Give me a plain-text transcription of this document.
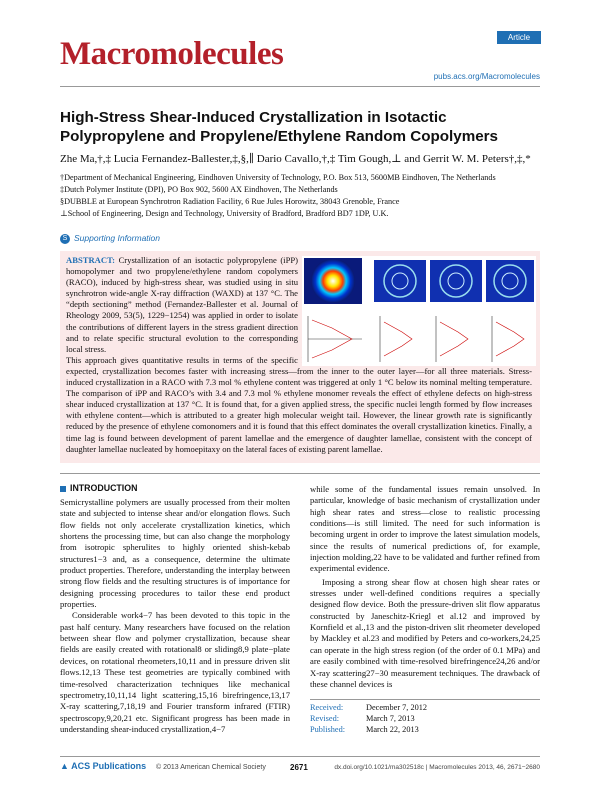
Macromolecules	Article
pubs.acs.org/Macromolecules
High-Stress Shear-Induced Crystallization in Isotactic Polypropylene and Propylene/Ethylene Random Copolymers
Zhe Ma,†,‡ Lucia Fernandez-Ballester,‡,§,∥ Dario Cavallo,†,‡ Tim Gough,⊥ and Gerrit W. M. Peters†,‡,*
†Department of Mechanical Engineering, Eindhoven University of Technology, P.O. Box 513, 5600MB Eindhoven, The Netherlands
‡Dutch Polymer Institute (DPI), PO Box 902, 5600 AX Eindhoven, The Netherlands
§DUBBLE at European Synchrotron Radiation Facility, 6 Rue Jules Horowitz, 38043 Grenoble, France
⊥School of Engineering, Design and Technology, University of Bradford, Bradford BD7 1DP, U.K.
S Supporting Information
ABSTRACT: Crystallization of an isotactic polypropylene (iPP) homopolymer and two propylene/ethylene random copolymers (RACO), induced by high-stress shear, was studied using in situ synchrotron wide-angle X-ray diffraction (WAXD) at 137 °C. The “depth sectioning” method (Fernandez-Ballester et al. Journal of Rheology 2009, 53(5), 1229−1254) was applied in order to isolate the contributions of different layers in the stress gradient direction and to relate specific structural evolution to the corresponding local stress.
This approach gives quantitative results in terms of the specific length of fibrillar nuclei as a function of the applied stress. As expected, crystallization becomes faster with increasing stress—from the inner to the outer layer—for all three materials. Stress-induced crystallization in a RACO with 7.3 mol % ethylene content was triggered at only 1 °C below its nominal melting temperature. The comparison of iPP and RACO’s with 3.4 and 7.3 mol % ethylene monomer reveals the effect of ethylene defects on high-stress shear induced crystallization at 137 °C. It is found that, for a given applied stress, the specific nuclei length formed by flow increases with ethylene content—which is attributed to a greater high molecular weight tail. However, the linear growth rate is significantly reduced by the presence of ethylene comonomers and it is found that this effect dominates the overall crystallization kinetics. Finally, a time lag is found between development of parent lamellae and the emergence of daughter lamellae, consistent with the concept of daughter lamellae nucleated by homoepitaxy on the lateral faces of existing parent lamellae.
INTRODUCTION

Semicrystalline polymers are usually processed from their molten state and subjected to intense shear and/or elongation flows. Such flow fields not only accelerate crystallization kinetics, which shortens the processing time, but can also change the morphology from isotropic spherulites to highly oriented shish-kebab structures1−3 and, as a consequence, determine the ultimate product properties. Therefore, understanding the interplay between strong flow fields and the resulting structures is of importance for designing processing procedures to tailor these end product properties.

Considerable work4−7 has been devoted to this topic in the past half century. Many researchers have focused on the relation between shear flow and polymer crystallization, because shear fields are easily created with rotational8 or sliding8,9 plate−plate devices, on rotational rheometers,10,11 and in pressure driven slit flows.12,13 These test geometries are typically combined with time-resolved characterization techniques like mechanical spectrometry,10,11,14 light scattering,15,16 birefringence,13,17 X-ray scattering,7,18,19 and Fourier transform infrared (FTIR) spectroscopy,9,20,21 etc. Significant progress has been made in understanding shear-induced crystallization,4−7

while some of the fundamental issues remain unsolved. In particular, knowledge of basic mechanism of crystallization under high shear rates and stress—close to realistic processing conditions—is still limited. The need for such information is becoming urgent in order to improve the latest simulation models, since the results of numerical predictions of, for example, injection molding,22 have to be validated and further refined from experimental evidence.

Imposing a strong shear flow at chosen high shear rates or stresses under well-defined conditions requires a specially designed flow device. Both the pressure-driven slit flow apparatus constructed by Janeschitz-Kriegl et al.12 and improved by Kornfield et al.,13 and the piston-driven slit rheometer developed by Mackley et al.23 and modified by Peters and co-workers,24,25 can operate in the high stress region (of the order of 0.1 MPa) and are easily combined with time-resolved birefringence24,26 and/or X-ray scattering27−30 measurement techniques. The drawback of these channel devices is

Received:	December 7, 2012
Revised:	March 7, 2013
Published:	March 22, 2013
▲ ACS Publications © 2013 American Chemical Society	2671	dx.doi.org/10.1021/ma302518c | Macromolecules 2013, 46, 2671−2680
